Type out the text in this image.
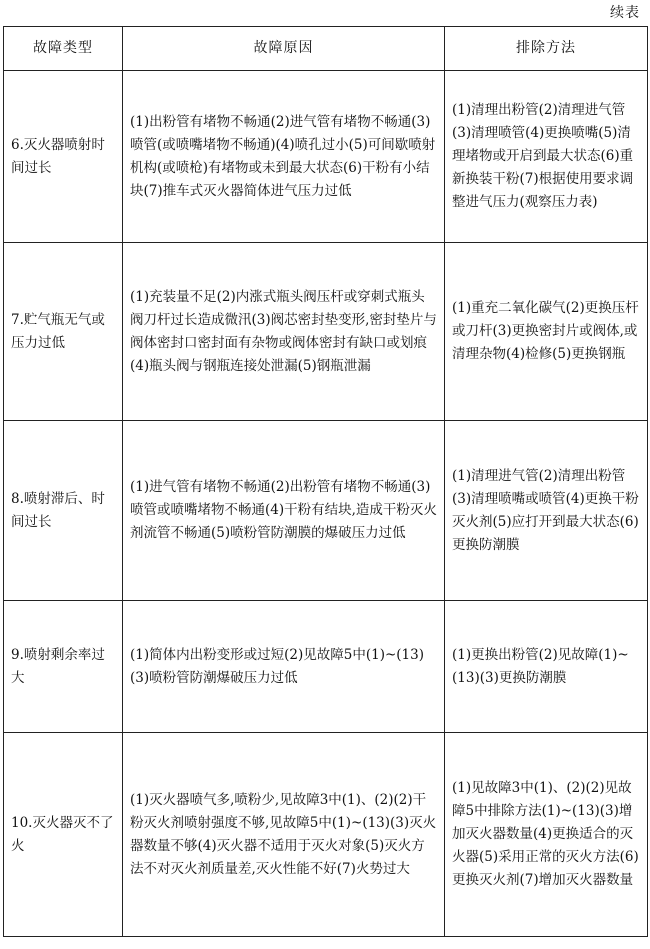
续表
故障类型	故障原因	排除方法
6.灭火器喷射时间过长	(1)出粉管有堵物不畅通(2)进气管有堵物不畅通(3)喷管(或喷嘴堵物不畅通)(4)喷孔过小(5)可间歇喷射机构(或喷枪)有堵物或未到最大状态(6)干粉有小结块(7)推车式灭火器简体进气压力过低	(1)清理出粉管(2)清理进气管(3)清理喷管(4)更换喷嘴(5)清理堵物或开启到最大状态(6)重新换装干粉(7)根据使用要求调整进气压力(观察压力表)
7.贮气瓶无气或压力过低	(1)充装量不足(2)内涨式瓶头阀压杆或穿刺式瓶头阀刀杆过长造成微汛(3)阀芯密封垫变形,密封垫片与阀体密封口密封面有杂物或阀体密封有缺口或划痕(4)瓶头阀与钢瓶连接处泄漏(5)钢瓶泄漏	(1)重充二氧化碳气(2)更换压杆或刀杆(3)更换密封片或阀体,或清理杂物(4)检修(5)更换钢瓶
8.喷射滞后、时间过长	(1)进气管有堵物不畅通(2)出粉管有堵物不畅通(3)喷管或喷嘴堵物不畅通(4)干粉有结块,造成干粉灭火剂流管不畅通(5)喷粉管防潮膜的爆破压力过低	(1)清理进气管(2)清理出粉管(3)清理喷嘴或喷管(4)更换干粉灭火剂(5)应打开到最大状态(6)更换防潮膜
9.喷射剩余率过大	(1)简体内出粉变形或过短(2)见故障5中(1)~(13)(3)喷粉管防潮爆破压力过低	(1)更换出粉管(2)见故障(1)~(13)(3)更换防潮膜
10.灭火器灭不了火	(1)灭火器喷气多,喷粉少,见故障3中(1)、(2)(2)干粉灭火剂喷射强度不够,见故障5中(1)~(13)(3)灭火器数量不够(4)灭火器不适用于灭火对象(5)灭火方法不对灭火剂质量差,灭火性能不好(7)火势过大	(1)见故障3中(1)、(2)(2)见故障5中排除方法(1)~(13)(3)增加灭火器数量(4)更换适合的灭火器(5)采用正常的灭火方法(6)更换灭火剂(7)增加灭火器数量
